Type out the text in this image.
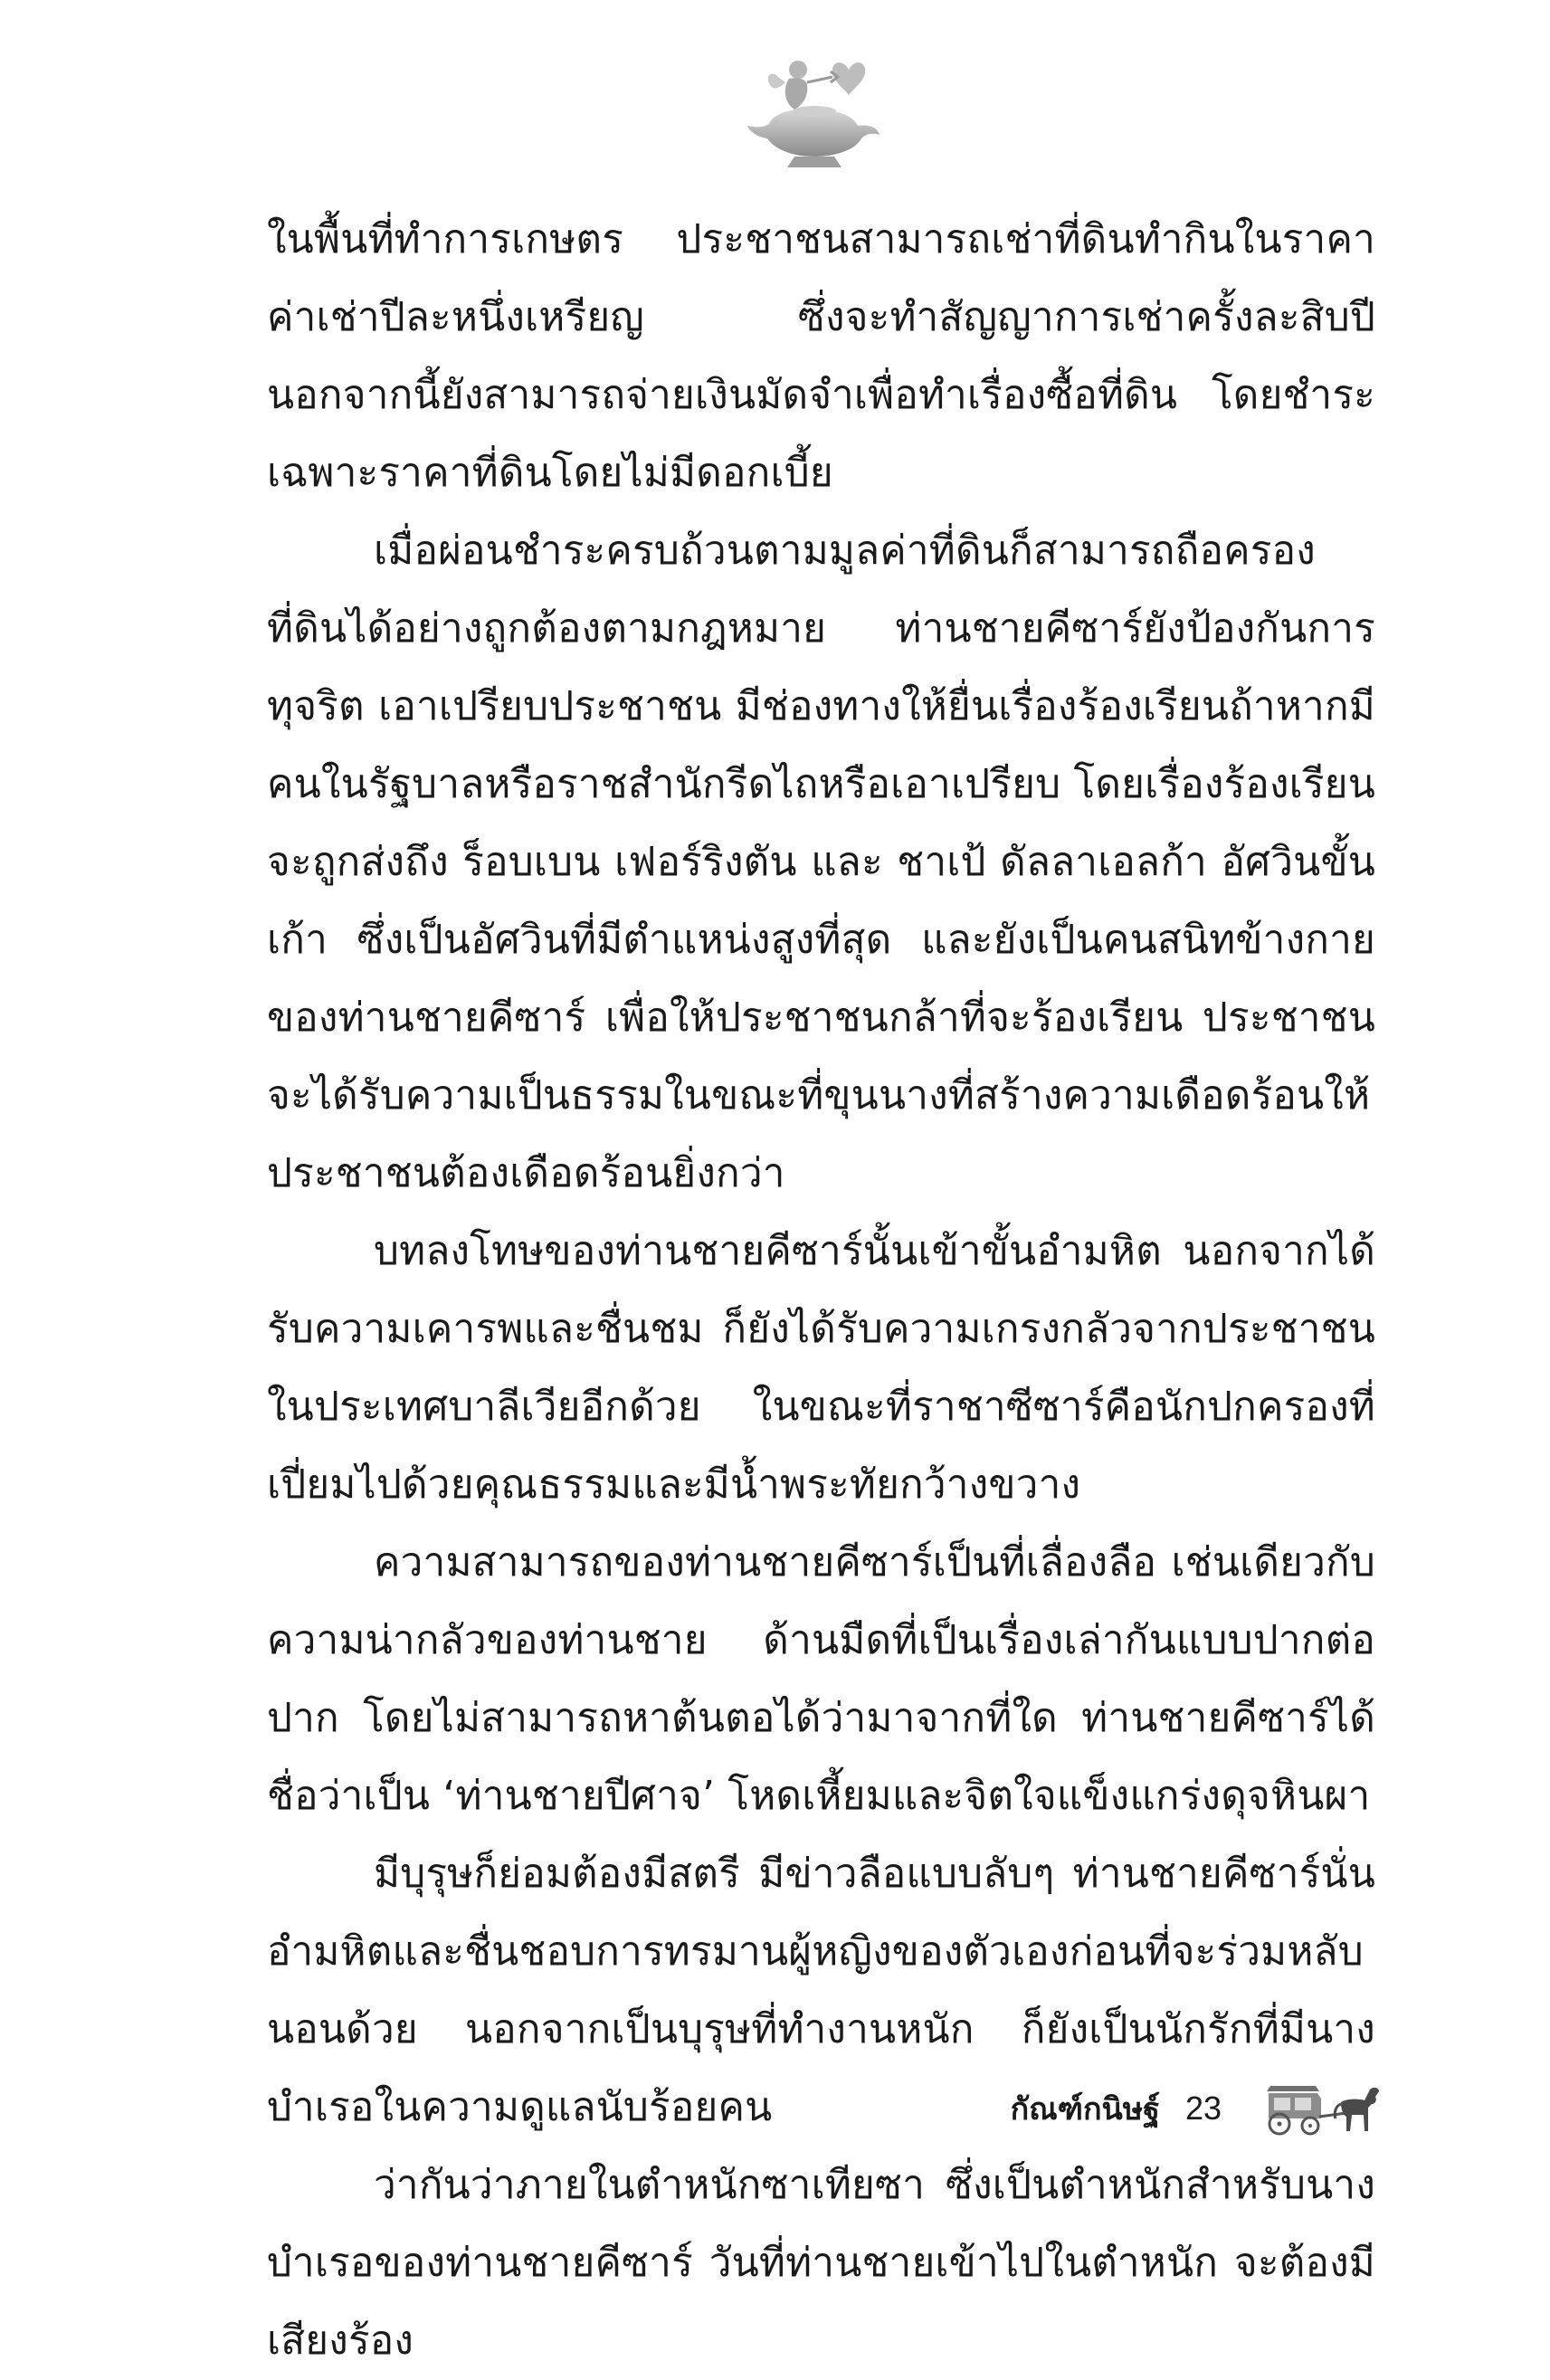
ในพื้นที่ทำการเกษตร ประชาชนสามารถเช่าที่ดินทำกินในราคาค่าเช่าปีละหนึ่งเหรียญ ซึ่งจะทำสัญญาการเช่าครั้งละสิบปี นอกจากนี้ยังสามารถจ่ายเงินมัดจำเพื่อทำเรื่องซื้อที่ดิน โดยชำระเฉพาะราคาที่ดินโดยไม่มีดอกเบี้ย

เมื่อผ่อนชำระครบถ้วนตามมูลค่าที่ดินก็สามารถถือครองที่ดินได้อย่างถูกต้องตามกฎหมาย ท่านชายคีซาร์ยังป้องกันการทุจริต เอาเปรียบประชาชน มีช่องทางให้ยื่นเรื่องร้องเรียนถ้าหากมีคนในรัฐบาลหรือราชสำนักรีดไถหรือเอาเปรียบ โดยเรื่องร้องเรียนจะถูกส่งถึง ร็อบเบน เฟอร์ริงตัน และ ชาเป้ ดัลลาเอลก้า อัศวินขั้นเก้า ซึ่งเป็นอัศวินที่มีตำแหน่งสูงที่สุด และยังเป็นคนสนิทข้างกายของท่านชายคีซาร์ เพื่อให้ประชาชนกล้าที่จะร้องเรียน ประชาชนจะได้รับความเป็นธรรมในขณะที่ขุนนางที่สร้างความเดือดร้อนให้ประชาชนต้องเดือดร้อนยิ่งกว่า

บทลงโทษของท่านชายคีซาร์นั้นเข้าขั้นอำมหิต นอกจากได้รับความเคารพและชื่นชม ก็ยังได้รับความเกรงกลัวจากประชาชนในประเทศบาลีเวียอีกด้วย ในขณะที่ราชาซีซาร์คือนักปกครองที่เปี่ยมไปด้วยคุณธรรมและมีน้ำพระทัยกว้างขวาง

ความสามารถของท่านชายคีซาร์เป็นที่เลื่องลือ เช่นเดียวกับความน่ากลัวของท่านชาย ด้านมืดที่เป็นเรื่องเล่ากันแบบปากต่อปาก โดยไม่สามารถหาต้นตอได้ว่ามาจากที่ใด ท่านชายคีซาร์ได้ชื่อว่าเป็น ‘ท่านชายปีศาจ’ โหดเหี้ยมและจิตใจแข็งแกร่งดุจหินผา

มีบุรุษก็ย่อมต้องมีสตรี มีข่าวลือแบบลับๆ ท่านชายคีซาร์นั่นอำมหิตและชื่นชอบการทรมานผู้หญิงของตัวเองก่อนที่จะร่วมหลับนอนด้วย นอกจากเป็นบุรุษที่ทำงานหนัก ก็ยังเป็นนักรักที่มีนางบำเรอในความดูแลนับร้อยคน

ว่ากันว่าภายในตำหนักซาเทียซา ซึ่งเป็นตำหนักสำหรับนางบำเรอของท่านชายคีซาร์ วันที่ท่านชายเข้าไปในตำหนัก จะต้องมีเสียงร้อง

กัณฑ์กนิษฐ์ 23
